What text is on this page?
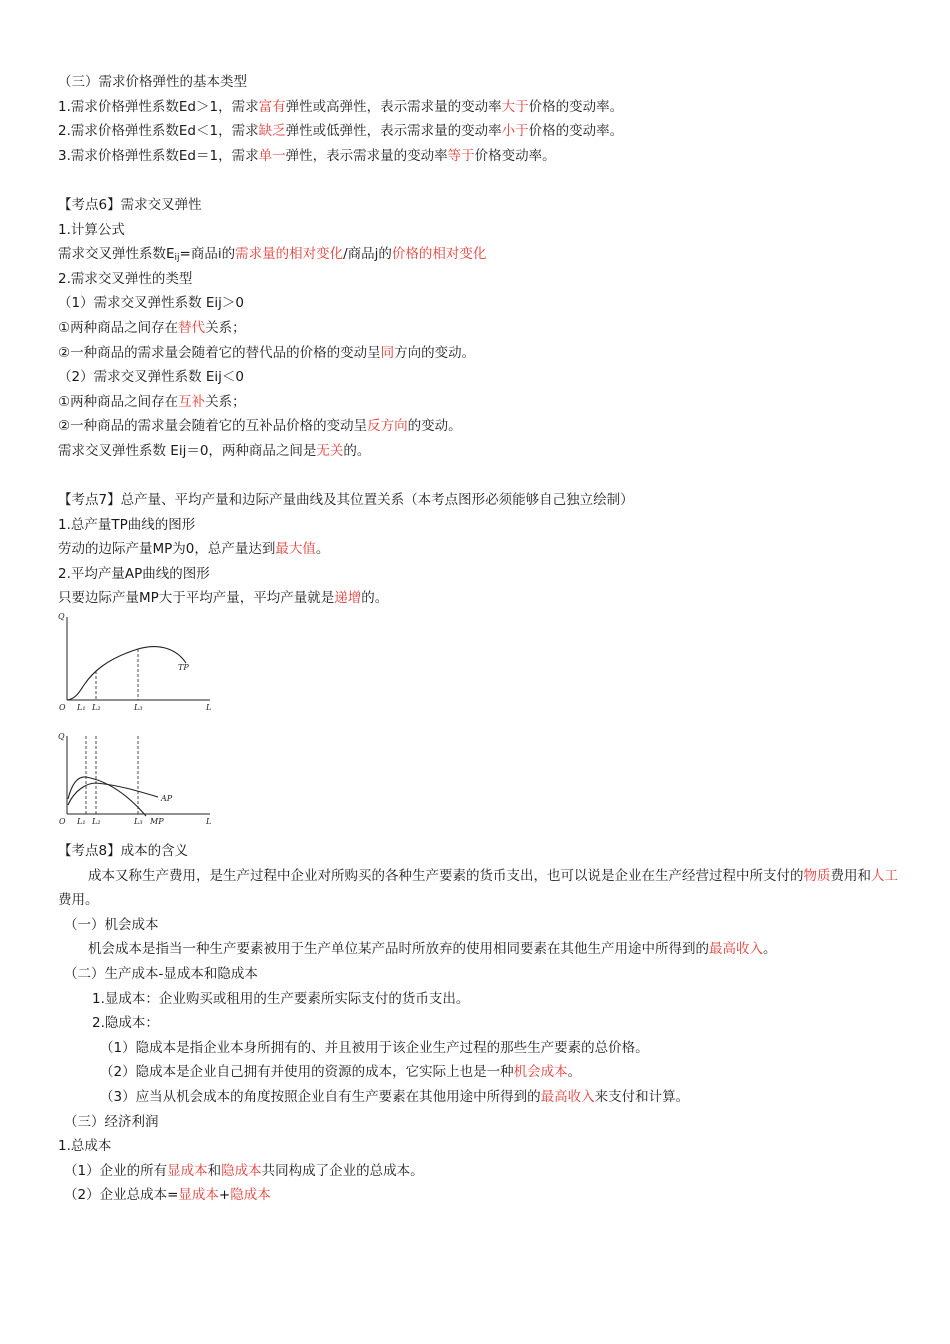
（三）需求价格弹性的基本类型
1.需求价格弹性系数Ed＞1，需求富有弹性或高弹性，表示需求量的变动率大于价格的变动率。
2.需求价格弹性系数Ed＜1，需求缺乏弹性或低弹性，表示需求量的变动率小于价格的变动率。
3.需求价格弹性系数Ed＝1，需求单一弹性，表示需求量的变动率等于价格变动率。
【考点6】需求交叉弹性
1.计算公式
需求交叉弹性系数$E_{ij}=$商品i的需求量的相对变化/商品j的价格的相对变化
2.需求交叉弹性的类型
（1）需求交叉弹性系数 Eij＞0
①两种商品之间存在替代关系；
②一种商品的需求量会随着它的替代品的价格的变动呈同方向的变动。
（2）需求交叉弹性系数 Eij＜0
①两种商品之间存在互补关系；
②一种商品的需求量会随着它的互补品价格的变动呈反方向的变动。
需求交叉弹性系数 Eij＝0，两种商品之间是无关的。
【考点7】总产量、平均产量和边际产量曲线及其位置关系（本考点图形必须能够自己独立绘制）
1.总产量TP曲线的图形
劳动的边际产量MP为0，总产量达到最大值。
2.平均产量AP曲线的图形
只要边际产量MP大于平均产量，平均产量就是递增的。
Q
O	L
TP
L₁ L₂	L₃
Q
O	L
AP
MP
L₁ L₂	L₃
【考点8】成本的含义
成本又称生产费用，是生产过程中企业对所购买的各种生产要素的货币支出，也可以说是企业在生产经营过程中所支付的物质费用和人工费用。
（一）机会成本
机会成本是指当一种生产要素被用于生产单位某产品时所放弃的使用相同要素在其他生产用途中所得到的最高收入。
（二）生产成本-显成本和隐成本
1.显成本：企业购买或租用的生产要素所实际支付的货币支出。
2.隐成本：
（1）隐成本是指企业本身所拥有的、并且被用于该企业生产过程的那些生产要素的总价格。
（2）隐成本是企业自己拥有并使用的资源的成本，它实际上也是一种机会成本。
（3）应当从机会成本的角度按照企业自有生产要素在其他用途中所得到的最高收入来支付和计算。
（三）经济利润
1.总成本
（1）企业的所有显成本和隐成本共同构成了企业的总成本。
（2）企业总成本=显成本+隐成本
